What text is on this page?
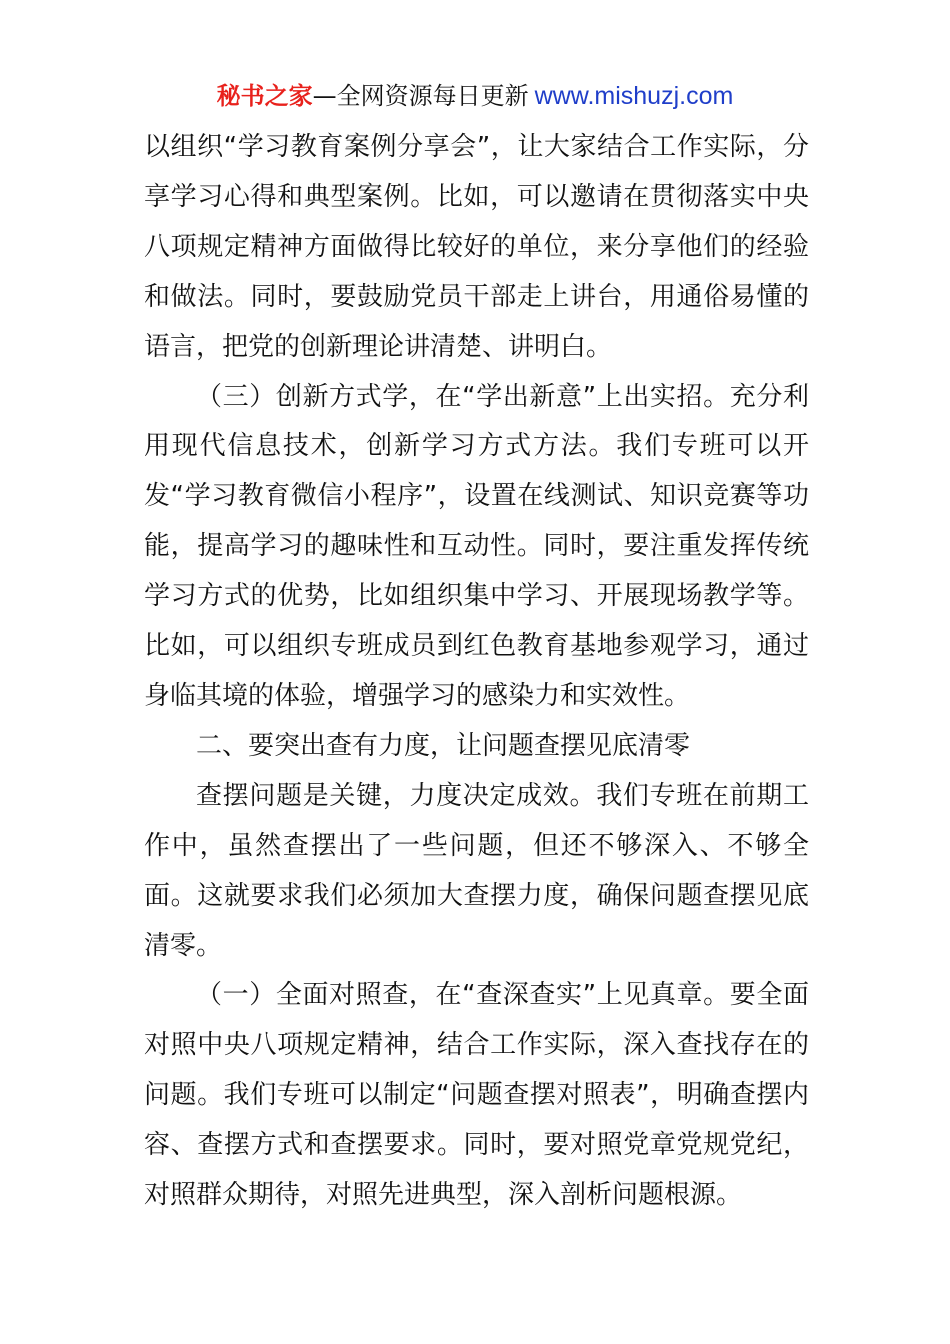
秘书之家—全网资源每日更新 www.mishuzj.com

以组织“学习教育案例分享会”，让大家结合工作实际，分享学习心得和典型案例。比如，可以邀请在贯彻落实中央八项规定精神方面做得比较好的单位，来分享他们的经验和做法。同时，要鼓励党员干部走上讲台，用通俗易懂的语言，把党的创新理论讲清楚、讲明白。

（三）创新方式学，在“学出新意”上出实招。充分利用现代信息技术，创新学习方式方法。我们专班可以开发“学习教育微信小程序”，设置在线测试、知识竞赛等功能，提高学习的趣味性和互动性。同时，要注重发挥传统学习方式的优势，比如组织集中学习、开展现场教学等。比如，可以组织专班成员到红色教育基地参观学习，通过身临其境的体验，增强学习的感染力和实效性。

二、要突出查有力度，让问题查摆见底清零

查摆问题是关键，力度决定成效。我们专班在前期工作中，虽然查摆出了一些问题，但还不够深入、不够全面。这就要求我们必须加大查摆力度，确保问题查摆见底清零。

（一）全面对照查，在“查深查实”上见真章。要全面对照中央八项规定精神，结合工作实际，深入查找存在的问题。我们专班可以制定“问题查摆对照表”，明确查摆内容、查摆方式和查摆要求。同时，要对照党章党规党纪，对照群众期待，对照先进典型，深入剖析问题根源。
